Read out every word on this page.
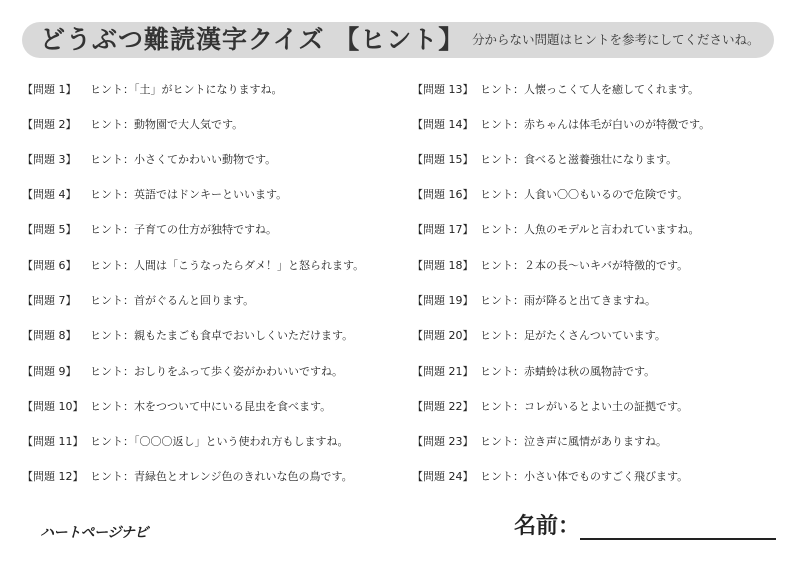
どうぶつ難読漢字クイズ 【ヒント】 分からない問題はヒントを参考にしてくださいね。
【問題 1】 ヒント：「土」がヒントになりますね。
【問題 2】 ヒント：動物園で大人気です。
【問題 3】 ヒント：小さくてかわいい動物です。
【問題 4】 ヒント：英語ではドンキーといいます。
【問題 5】 ヒント：子育ての仕方が独特ですね。
【問題 6】 ヒント：人間は「こうなったらダメ！」と怒られます。
【問題 7】 ヒント：首がぐるんと回ります。
【問題 8】 ヒント：親もたまごも食卓でおいしくいただけます。
【問題 9】 ヒント：おしりをふって歩く姿がかわいいですね。
【問題 10】 ヒント：木をつついて中にいる昆虫を食べます。
【問題 11】 ヒント：「〇〇〇返し」という使われ方もしますね。
【問題 12】 ヒント：青緑色とオレンジ色のきれいな色の鳥です。
【問題 13】 ヒント：人懐っこくて人を癒してくれます。
【問題 14】 ヒント：赤ちゃんは体毛が白いのが特徴です。
【問題 15】 ヒント：食べると滋養強壮になります。
【問題 16】 ヒント：人食い〇〇もいるので危険です。
【問題 17】 ヒント：人魚のモデルと言われていますね。
【問題 18】 ヒント：２本の長～いキバが特徴的です。
【問題 19】 ヒント：雨が降ると出てきますね。
【問題 20】 ヒント：足がたくさんついています。
【問題 21】 ヒント：赤蜻蛉は秋の風物詩です。
【問題 22】 ヒント：コレがいるとよい土の証拠です。
【問題 23】 ヒント：泣き声に風情がありますね。
【問題 24】 ヒント：小さい体でものすごく飛びます。
ハートページナビ	名前：
